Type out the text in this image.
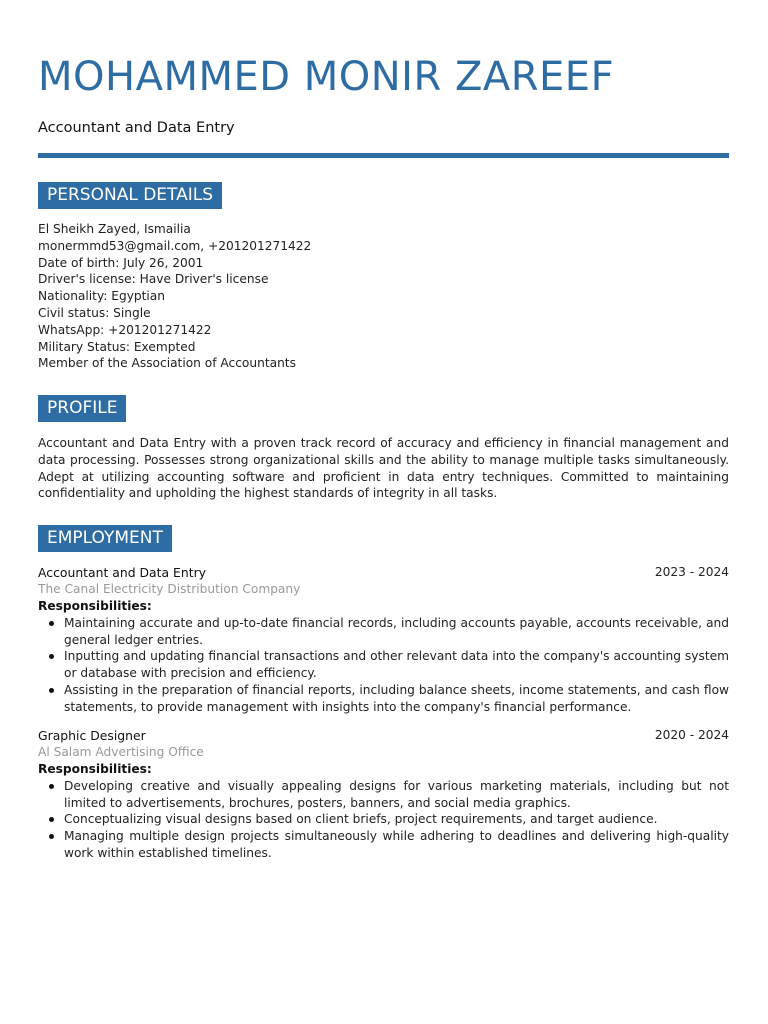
MOHAMMED MONIR ZAREEF
Accountant and Data Entry
PERSONAL DETAILS
El Sheikh Zayed, Ismailia
monermmd53@gmail.com, +201201271422
Date of birth: July 26, 2001
Driver's license: Have Driver's license
Nationality: Egyptian
Civil status: Single
WhatsApp: +201201271422
Military Status: Exempted
Member of the Association of Accountants
PROFILE

Accountant and Data Entry with a proven track record of accuracy and efficiency in financial management and data processing. Possesses strong organizational skills and the ability to manage multiple tasks simultaneously. Adept at utilizing accounting software and proficient in data entry techniques. Committed to maintaining confidentiality and upholding the highest standards of integrity in all tasks.

EMPLOYMENT
Accountant and Data Entry	2023 - 2024
The Canal Electricity Distribution Company
Responsibilities:
Maintaining accurate and up-to-date financial records, including accounts payable, accounts receivable, and general ledger entries.
Inputting and updating financial transactions and other relevant data into the company's accounting system or database with precision and efficiency.
Assisting in the preparation of financial reports, including balance sheets, income statements, and cash flow statements, to provide management with insights into the company's financial performance.
Graphic Designer	2020 - 2024
Al Salam Advertising Office
Responsibilities:
Developing creative and visually appealing designs for various marketing materials, including but not limited to advertisements, brochures, posters, banners, and social media graphics.
Conceptualizing visual designs based on client briefs, project requirements, and target audience.
Managing multiple design projects simultaneously while adhering to deadlines and delivering high-quality work within established timelines.
